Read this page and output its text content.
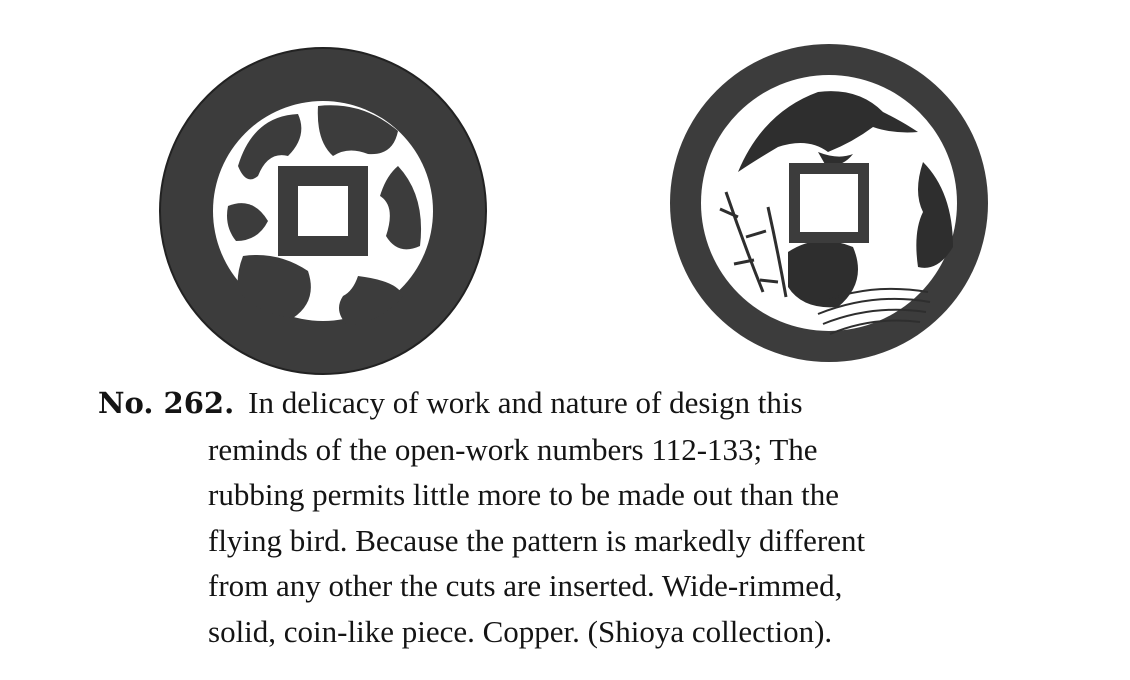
No. 262. In delicacy of work and nature of design this
reminds of the open-work numbers 112-133; The
rubbing permits little more to be made out than the
flying bird. Because the pattern is markedly different
from any other the cuts are inserted. Wide-rimmed,
solid, coin-like piece. Copper. (Shioya collection).
